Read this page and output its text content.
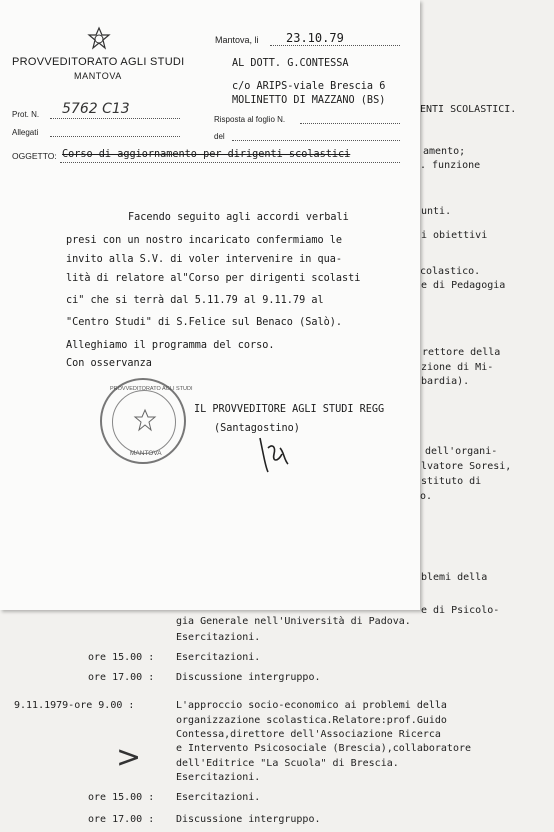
ENTI SCOLASTICI.
amento;
. funzione
unti.
i obiettivi
colastico.
e di Pedagogia
rettore della
zione di Mi-
bardia).
dell'organi-
lvatore Soresi,
stituto di
o.
blemi della
e di Psicolo-
gia Generale nell'Università di Padova.
Esercitazioni.
ore 15.00 : Esercitazioni.
ore 17.00 : Discussione intergruppo.
9.11.1979-ore 9.00 :	L'approccio socio-economico ai problemi della
organizzazione scolastica.Relatore:prof.Guido
Contessa,direttore dell'Associazione Ricerca
e Intervento Psicosociale (Brescia),collaboratore
dell'Editrice "La Scuola" di Brescia.
Esercitazioni.
ore 15.00 : Esercitazioni.
ore 17.00 : Discussione intergruppo.
>
PROVVEDITORATO AGLI STUDI
MANTOVA
Mantova, li 23.10.79
AL DOTT. G.CONTESSA
c/o ARIPS-viale Brescia 6
MOLINETTO DI MAZZANO (BS)
Prot. N. 5762 C13
Risposta al foglio N.
Allegati	del
OGGETTO: Corso di aggiornamento per dirigenti scolastici
Facendo seguito agli accordi verbali
presi con un nostro incaricato confermiamo le
invito alla S.V. di voler intervenire in qua-
lità di relatore al"Corso per dirigenti scolasti
ci" che si terrà dal 5.11.79 al 9.11.79 al
"Centro Studi" di S.Felice sul Benaco (Salò).
Alleghiamo il programma del corso.
Con osservanza
PROVVEDITORATO AGLI STUDI
MANTOVA
IL PROVVEDITORE AGLI STUDI REGG
(Santagostino)
